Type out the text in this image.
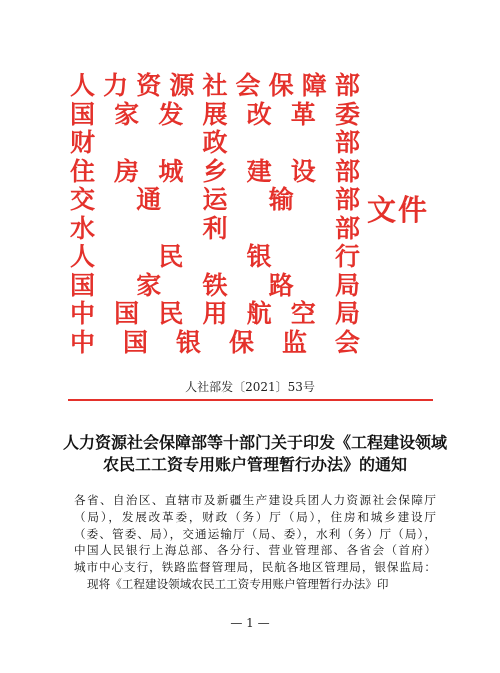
人 力 资 源 社 会 保 障 部
国 家 发 展 改 革 委
财	政	部
住 房 城 乡 建 设 部
交 通 运 输 部
水	利	部
人	民	银	行
国 家 铁 路 局
中 国 民 用 航 空 局
中 国 银 保 监 会
文件
人社部发〔2021〕53号
人力资源社会保障部等十部门关于印发《工程建设领域
农民工工资专用账户管理暂行办法》的通知
各省、自治区、直辖市及新疆生产建设兵团人力资源社会保障厅
（局），发展改革委，财政（务）厅（局），住房和城乡建设厅
（委、管委、局），交通运输厅（局、委），水利（务）厅（局），
中国人民银行上海总部、各分行、营业管理部、各省会（首府）
城市中心支行，铁路监督管理局，民航各地区管理局，银保监局：
现将《工程建设领域农民工工资专用账户管理暂行办法》印
— 1 —
